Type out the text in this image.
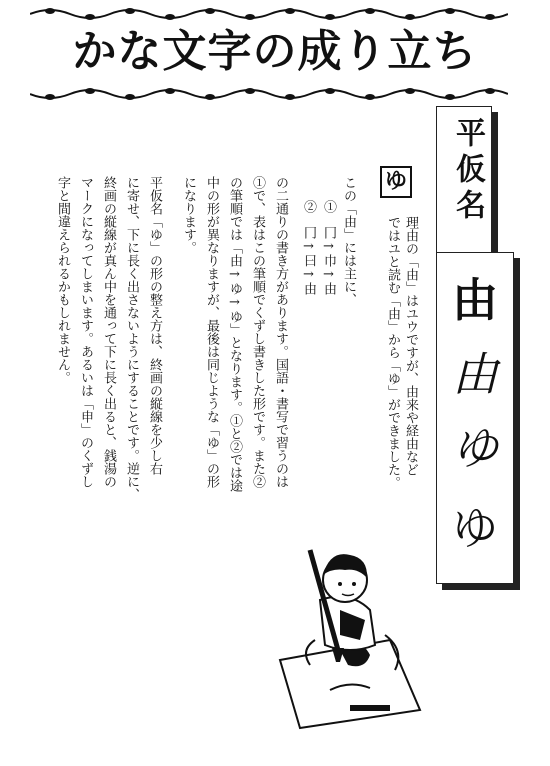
かな文字の成り立ち
平仮名
ゆ
理由の「由」はユウですが、由来や経由など
ではユと読む「由」から「ゆ」ができました。	由
由
ゆ
ゆ
この「由」には主に、
①　冂→巾→由
②　冂→曰→由
の二通りの書き方があります。国語・書写で習うのは
①で、表はこの筆順でくずし書きした形です。また②
の筆順では「由→ゆ→ゆ」となります。①と②では途
中の形が異なりますが、最後は同じような「ゆ」の形
になります。
平仮名「ゆ」の形の整え方は、終画の縦線を少し右
に寄せ、下に長く出さないようにすることです。逆に、
終画の縦線が真ん中を通って下に長く出ると、銭湯の
マークになってしまいます。あるいは「申」のくずし
字と間違えられるかもしれません。
